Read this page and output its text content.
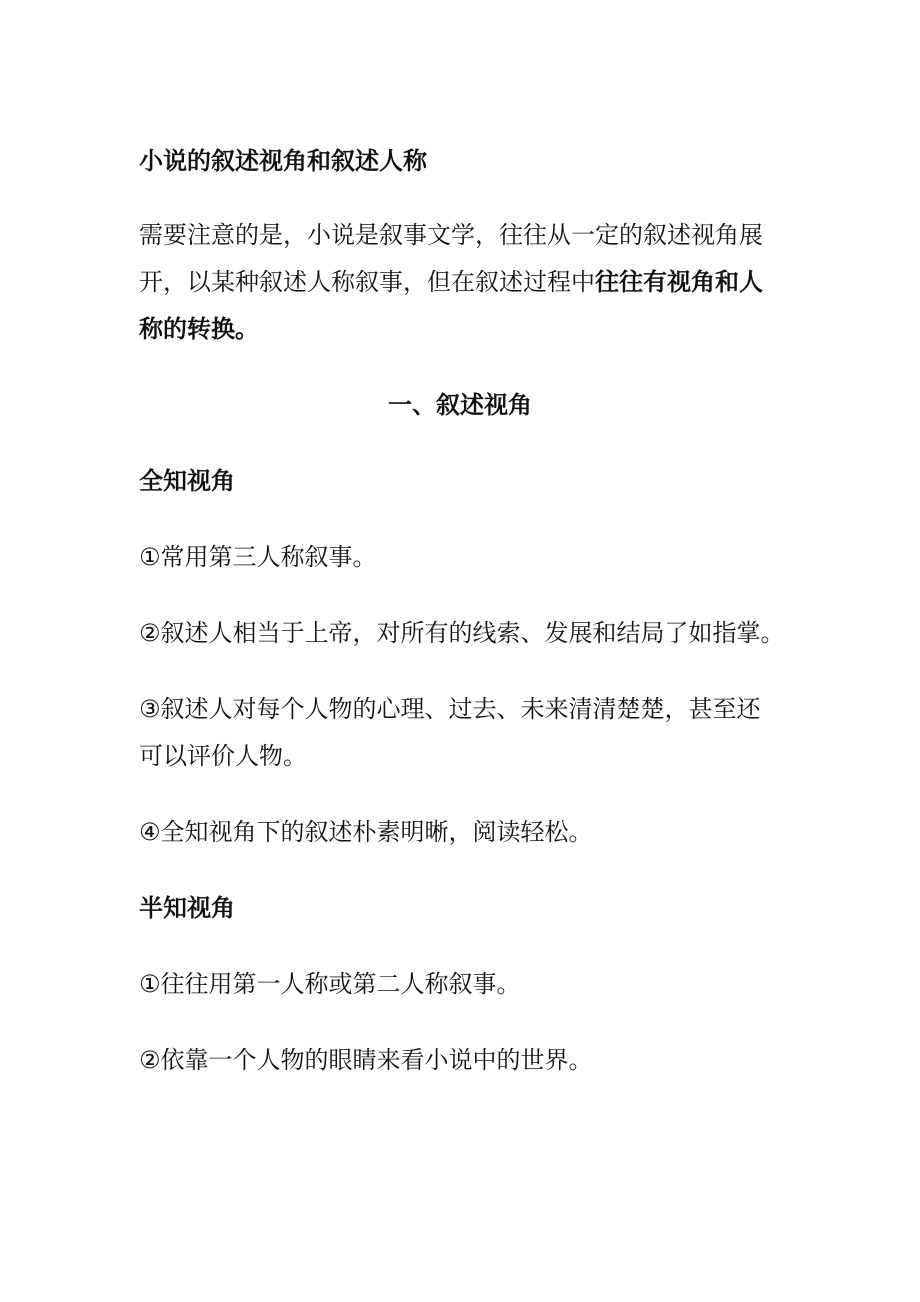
小说的叙述视角和叙述人称

需要注意的是，小说是叙事文学，往往从一定的叙述视角展开，以某种叙述人称叙事，但在叙述过程中往往有视角和人称的转换。

一、叙述视角

全知视角

①常用第三人称叙事。

②叙述人相当于上帝，对所有的线索、发展和结局了如指掌。

③叙述人对每个人物的心理、过去、未来清清楚楚，甚至还可以评价人物。

④全知视角下的叙述朴素明晰，阅读轻松。

半知视角

①往往用第一人称或第二人称叙事。

②依靠一个人物的眼睛来看小说中的世界。
